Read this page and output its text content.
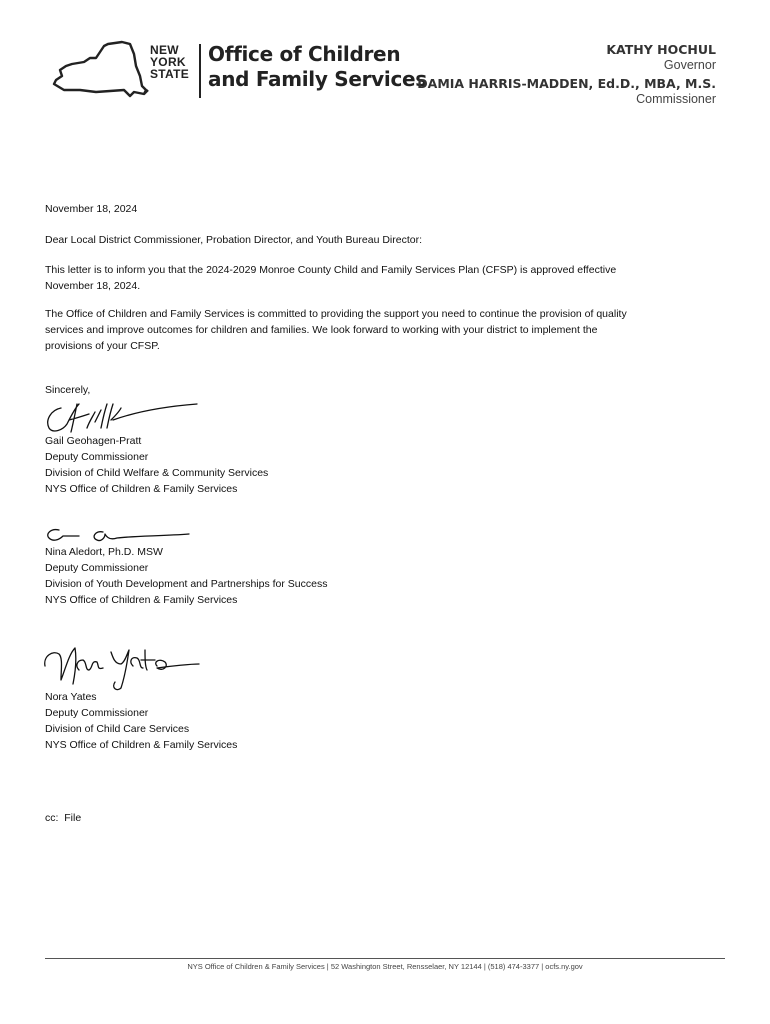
NEW
YORK
STATE
Office of Children
and Family Services
KATHY HOCHUL
Governor
DAMIA HARRIS-MADDEN, Ed.D., MBA, M.S.
Commissioner
November 18, 2024
Dear Local District Commissioner, Probation Director, and Youth Bureau Director:
This letter is to inform you that the 2024-2029 Monroe County Child and Family Services Plan (CFSP) is approved effective
November 18, 2024.
The Office of Children and Family Services is committed to providing the support you need to continue the provision of quality
services and improve outcomes for children and families. We look forward to working with your district to implement the
provisions of your CFSP.
Sincerely,
Gail Geohagen-Pratt
Deputy Commissioner
Division of Child Welfare & Community Services
NYS Office of Children & Family Services
Nina Aledort, Ph.D. MSW
Deputy Commissioner
Division of Youth Development and Partnerships for Success
NYS Office of Children & Family Services
Nora Yates
Deputy Commissioner
Division of Child Care Services
NYS Office of Children & Family Services
cc:  File
NYS Office of Children & Family Services | 52 Washington Street, Rensselaer, NY 12144 | (518) 474-3377 | ocfs.ny.gov
